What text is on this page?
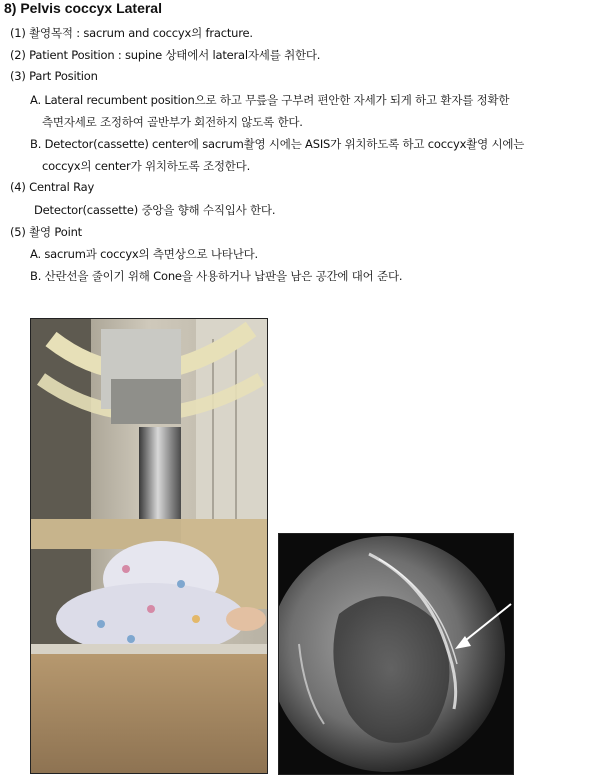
8) Pelvis coccyx Lateral
(1) 촬영목적 : sacrum and coccyx의 fracture.
(2) Patient Position : supine 상태에서 lateral자세를 취한다.
(3) Part Position
A. Lateral recumbent position으로 하고 무릎을 구부려 편안한 자세가 되게 하고 환자를 정확한
측면자세로 조정하여 골반부가 회전하지 않도록 한다.
B. Detector(cassette) center에 sacrum촬영 시에는 ASIS가 위치하도록 하고 coccyx촬영 시에는
coccyx의 center가 위치하도록 조정한다.
(4) Central Ray
Detector(cassette) 중앙을 향해 수직입사 한다.
(5) 촬영 Point
A. sacrum과 coccyx의 측면상으로 나타난다.
B. 산란선을 줄이기 위해 Cone을 사용하거나 납판을 남은 공간에 대어 준다.
